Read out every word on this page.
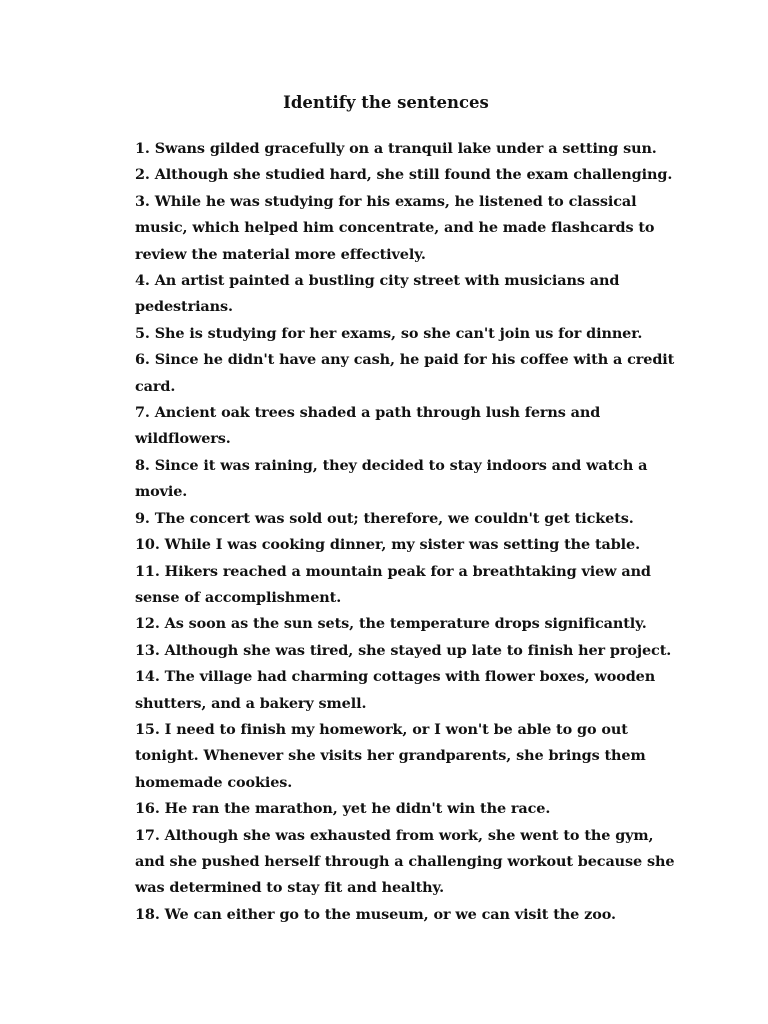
Identify the sentences
1. Swans gilded gracefully on a tranquil lake under a setting sun.
2. Although she studied hard, she still found the exam challenging.
3. While he was studying for his exams, he listened to classical music, which helped him concentrate, and he made flashcards to review the material more effectively.
4. An artist painted a bustling city street with musicians and pedestrians.
5. She is studying for her exams, so she can't join us for dinner.
6. Since he didn't have any cash, he paid for his coffee with a credit card.
7. Ancient oak trees shaded a path through lush ferns and wildflowers.
8. Since it was raining, they decided to stay indoors and watch a movie.
9. The concert was sold out; therefore, we couldn't get tickets.
10. While I was cooking dinner, my sister was setting the table.
11. Hikers reached a mountain peak for a breathtaking view and sense of accomplishment.
12. As soon as the sun sets, the temperature drops significantly.
13. Although she was tired, she stayed up late to finish her project.
14. The village had charming cottages with flower boxes, wooden shutters, and a bakery smell.
15. I need to finish my homework, or I won't be able to go out tonight. Whenever she visits her grandparents, she brings them homemade cookies.
16. He ran the marathon, yet he didn't win the race.
17. Although she was exhausted from work, she went to the gym, and she pushed herself through a challenging workout because she was determined to stay fit and healthy.
18. We can either go to the museum, or we can visit the zoo.
